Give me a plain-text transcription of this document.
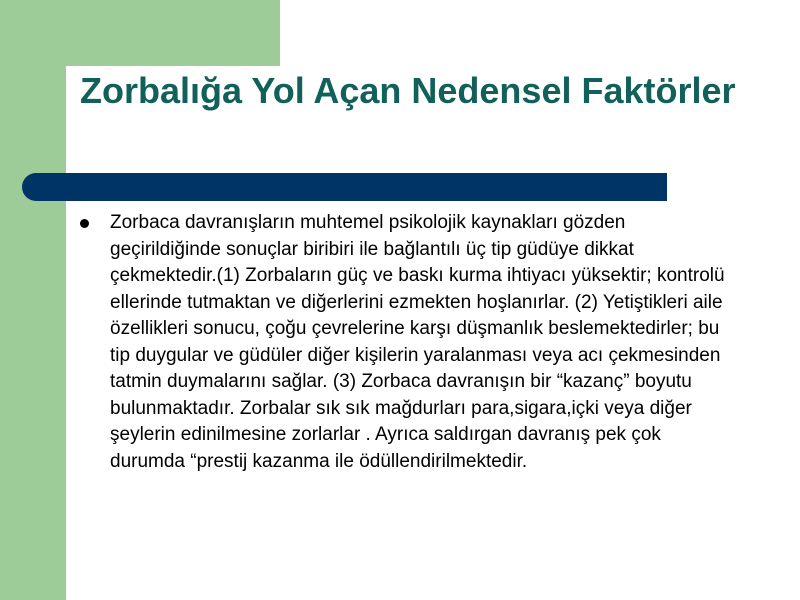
Zorbalığa Yol Açan Nedensel Faktörler

Zorbaca davranışların muhtemel psikolojik kaynakları gözden geçirildiğinde sonuçlar biribiri ile bağlantılı üç tip güdüye dikkat çekmektedir.(1) Zorbaların güç ve baskı kurma ihtiyacı yüksektir; kontrolü ellerinde tutmaktan ve diğerlerini ezmekten hoşlanırlar. (2) Yetiştikleri aile özellikleri sonucu, çoğu çevrelerine karşı düşmanlık beslemektedirler; bu tip duygular ve güdüler diğer kişilerin yaralanması veya acı çekmesinden tatmin duymalarını sağlar. (3) Zorbaca davranışın bir “kazanç” boyutu bulunmaktadır. Zorbalar sık sık mağdurları para,sigara,içki veya diğer şeylerin edinilmesine zorlarlar . Ayrıca saldırgan davranış pek çok durumda “prestij kazanma ile ödüllendirilmektedir.
